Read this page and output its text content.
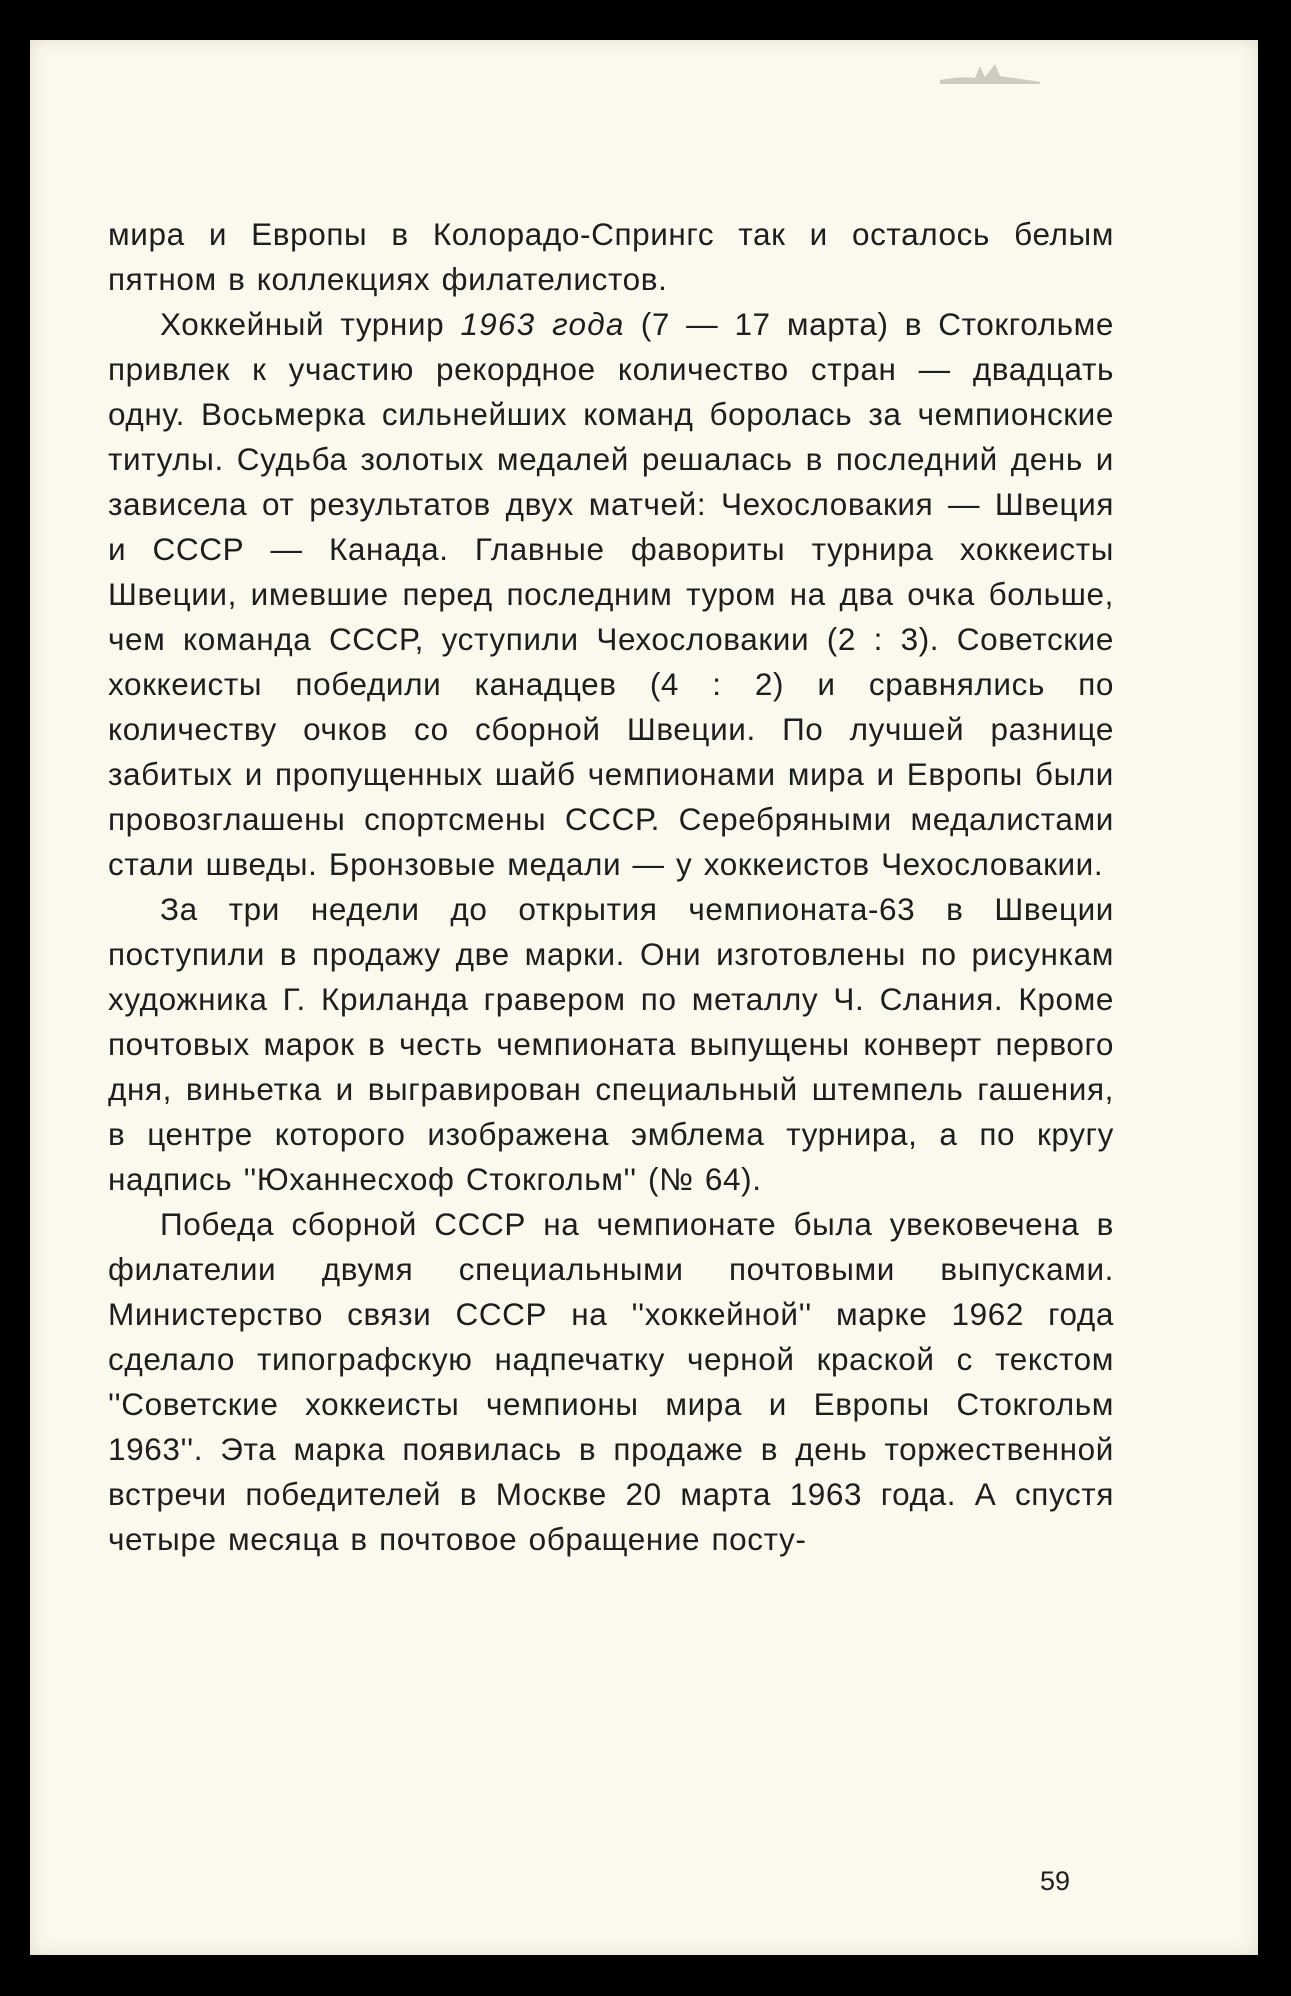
мира и Европы в Колорадо-Спрингс так и осталось белым пятном в коллекциях филателистов.

Хоккейный турнир 1963 года (7 — 17 марта) в Стокгольме привлек к участию рекордное количество стран — двадцать одну. Восьмерка сильнейших команд боролась за чемпионские титулы. Судьба золотых медалей решалась в последний день и зависела от результатов двух матчей: Чехословакия — Швеция и СССР — Канада. Главные фавориты турнира хоккеисты Швеции, имевшие перед последним туром на два очка больше, чем команда СССР, уступили Чехословакии (2 : 3). Советские хоккеисты победили канадцев (4 : 2) и сравнялись по количеству очков со сборной Швеции. По лучшей разнице забитых и пропущенных шайб чемпионами мира и Европы были провозглашены спортсмены СССР. Серебряными медалистами стали шведы. Бронзовые медали — у хоккеистов Чехословакии.

За три недели до открытия чемпионата-63 в Швеции поступили в продажу две марки. Они изготовлены по рисункам художника Г. Криланда гравером по металлу Ч. Слания. Кроме почтовых марок в честь чемпионата выпущены конверт первого дня, виньетка и выгравирован специальный штемпель гашения, в центре которого изображена эмблема турнира, а по кругу надпись ''Юханнесхоф Стокгольм'' (№ 64).

Победа сборной СССР на чемпионате была увековечена в филателии двумя специальными почтовыми выпусками. Министерство связи СССР на ''хоккейной'' марке 1962 года сделало типографскую надпечатку черной краской с текстом ''Советские хоккеисты чемпионы мира и Европы Стокгольм 1963''. Эта марка появилась в продаже в день торжественной встречи победителей в Москве 20 марта 1963 года. А спустя четыре месяца в почтовое обращение посту-

59
